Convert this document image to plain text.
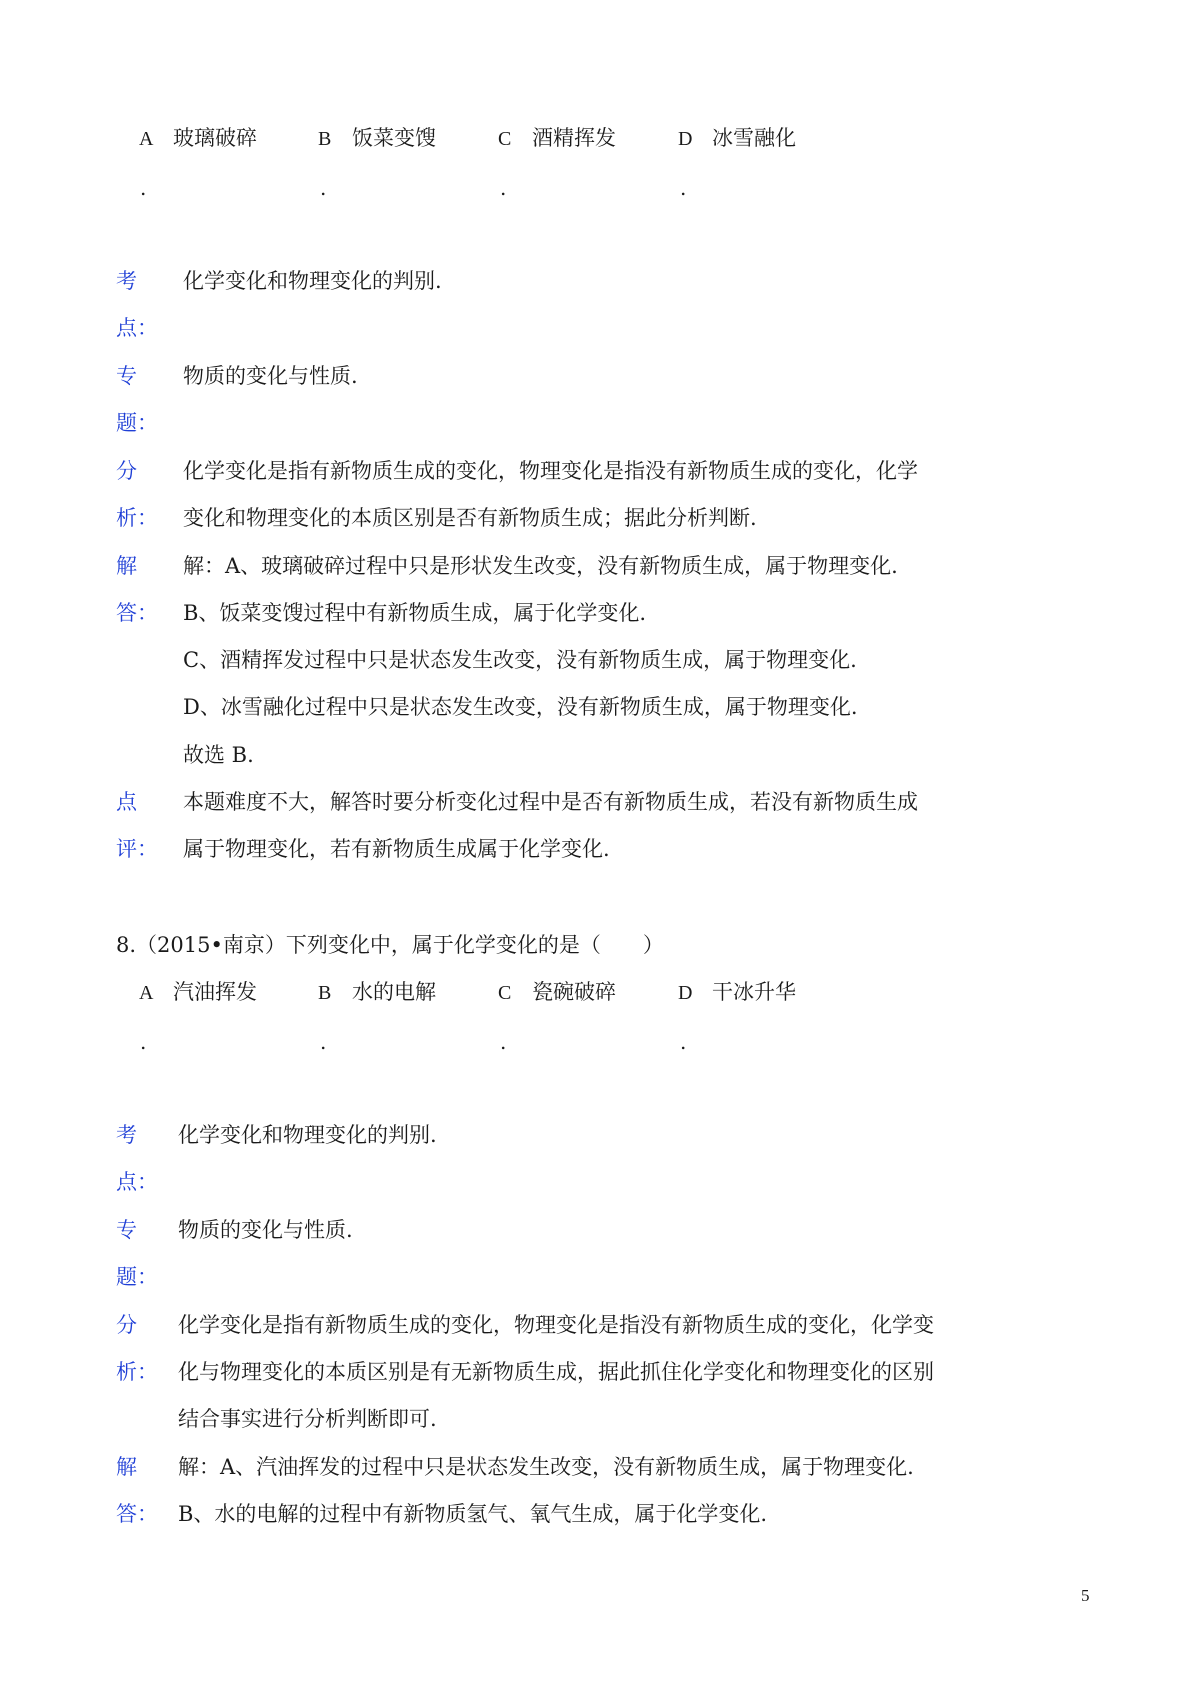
A 玻璃破碎
.
B 饭菜变馊
.
C 酒精挥发
.
D 冰雪融化
.
考
点：
化学变化和物理变化的判别.
专
题：
物质的变化与性质.
分
析：
化学变化是指有新物质生成的变化，物理变化是指没有新物质生成的变化，化学
变化和物理变化的本质区别是否有新物质生成；据此分析判断.
解
答：
解：A、玻璃破碎过程中只是形状发生改变，没有新物质生成，属于物理变化.
B、饭菜变馊过程中有新物质生成，属于化学变化.
C、酒精挥发过程中只是状态发生改变，没有新物质生成，属于物理变化.
D、冰雪融化过程中只是状态发生改变，没有新物质生成，属于物理变化.
故选 B.
点
评：
本题难度不大，解答时要分析变化过程中是否有新物质生成，若没有新物质生成
属于物理变化，若有新物质生成属于化学变化.
8.（2015•南京）下列变化中，属于化学变化的是（　　）
A 汽油挥发
.
B 水的电解
.
C 瓷碗破碎
.
D 干冰升华
.
考
点：
化学变化和物理变化的判别.
专
题：
物质的变化与性质.
分
析：
化学变化是指有新物质生成的变化，物理变化是指没有新物质生成的变化，化学变
化与物理变化的本质区别是有无新物质生成，据此抓住化学变化和物理变化的区别
结合事实进行分析判断即可.
解
答：
解：A、汽油挥发的过程中只是状态发生改变，没有新物质生成，属于物理变化.
B、水的电解的过程中有新物质氢气、氧气生成，属于化学变化.
5
